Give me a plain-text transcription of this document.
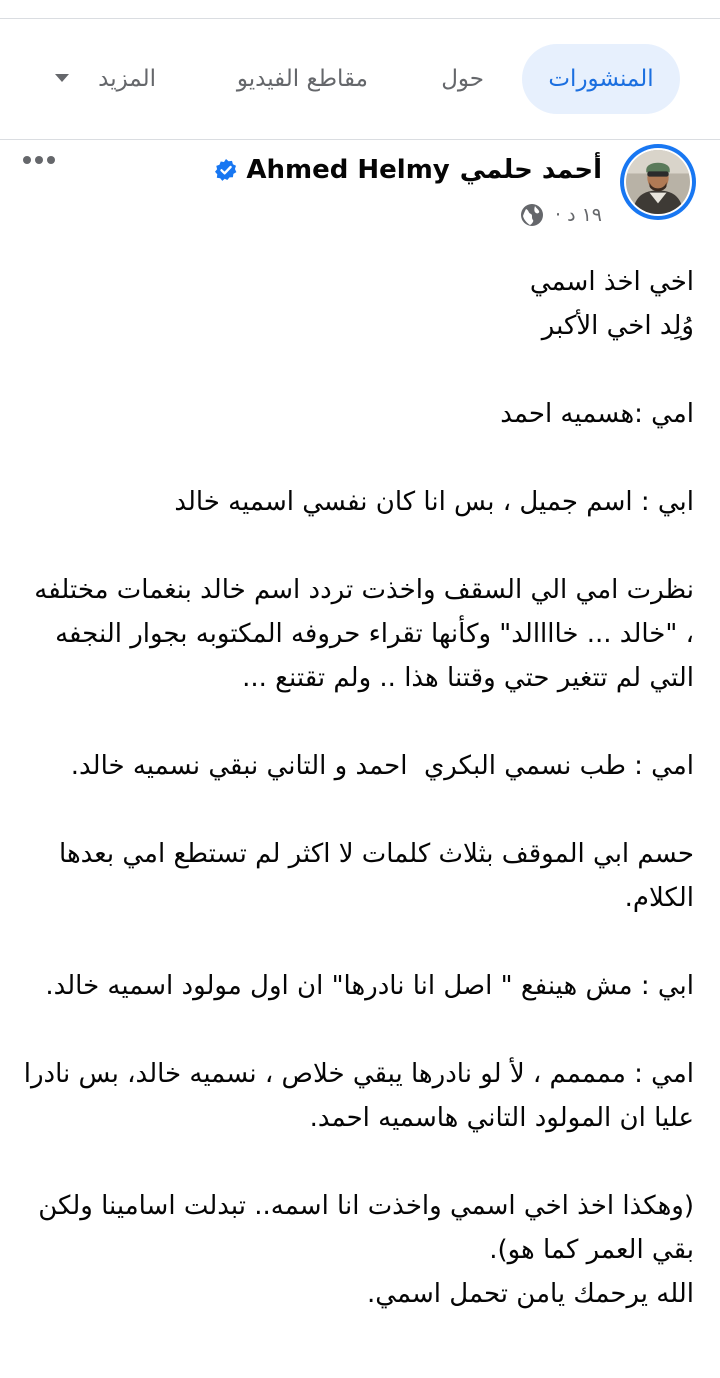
المنشورات
حول
مقاطع الفيديو
المزيد
أحمد حلمي
Ahmed Helmy
١٩ د
·
اخي اخذ اسمي
وُلِد اخي الأكبر

امي :هسميه احمد

ابي : اسم جميل ، بس انا كان نفسي اسميه خالد

نظرت امي الي السقف واخذت تردد اسم خالد بنغمات مختلفه ، "خالد ... خاااالد" وكأنها تقراء حروفه المكتوبه بجوار النجفه التي لم تتغير حتي وقتنا هذا .. ولم تقتنع ...

امي : طب نسمي البكري  احمد و التاني نبقي نسميه خالد.

حسم ابي الموقف بثلاث كلمات لا اكثر لم تستطع امي بعدها الكلام.

ابي : مش هينفع " اصل انا نادرها" ان اول مولود اسميه خالد.

امي : ممممم ، لأ لو نادرها يبقي خلاص ، نسميه خالد، بس نادرا عليا ان المولود التاني هاسميه احمد.

(وهكذا اخذ اخي اسمي واخذت انا اسمه.. تبدلت اسامينا ولكن بقي العمر كما هو).
الله يرحمك يامن تحمل اسمي.
